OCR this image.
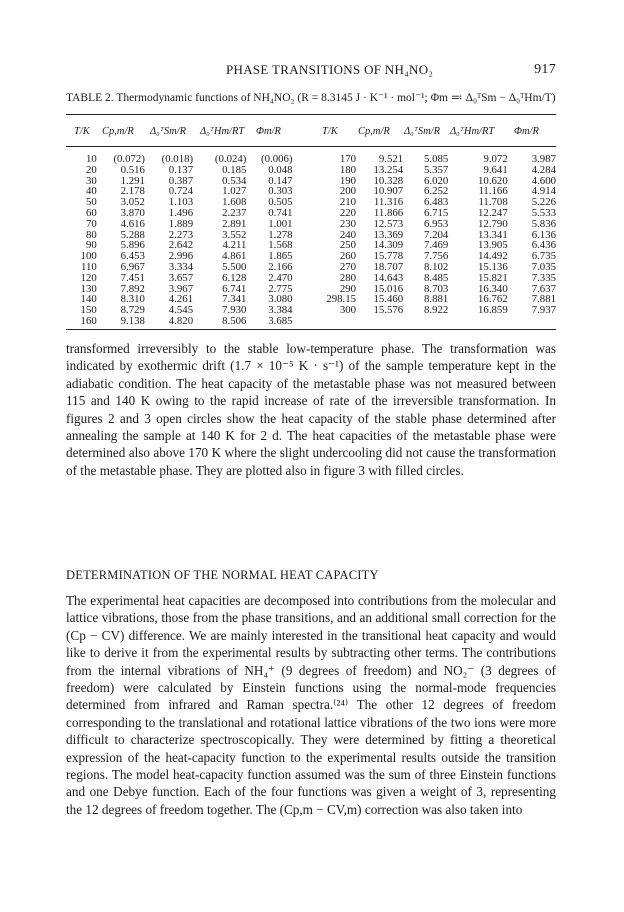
PHASE TRANSITIONS OF NH₄NO₂	917
TABLE 2. Thermodynamic functions of NH₄NO₂ (R = 8.3145 J · K⁻¹ · mol⁻¹; Φm ≕ Δ₀ᵀSm − Δ₀ᵀHm/T)
T/K Cp,m/R Δ₀ᵀSm/R Δ₀ᵀHm/RT Φm/R	T/K Cp,m/R Δ₀ᵀSm/R Δ₀ᵀHm/RT Φm/R
10	(0.072)	(0.018)	(0.024)	(0.006)		170	9.521	5.085	9.072	3.987
20	0.516	0.137	0.185	0.048		180	13.254	5.357	9.641	4.284
30	1.291	0.387	0.534	0.147		190	10.328	6.020	10.620	4.600
40	2.178	0.724	1.027	0.303		200	10.907	6.252	11.166	4.914
50	3.052	1.103	1.608	0.505		210	11.316	6.483	11.708	5.226
60	3.870	1.496	2.237	0.741		220	11.866	6.715	12.247	5.533
70	4.616	1.889	2.891	1.001		230	12.573	6.953	12.790	5.836
80	5.288	2.273	3.552	1.278		240	13.369	7.204	13.341	6.136
90	5.896	2.642	4.211	1.568		250	14.309	7.469	13.905	6.436
100	6.453	2.996	4.861	1.865		260	15.778	7.756	14.492	6.735
110	6.967	3.334	5.500	2.166		270	18.707	8.102	15.136	7.035
120	7.451	3.657	6.128	2.470		280	14.643	8.485	15.821	7.335
130	7.892	3.967	6.741	2.775		290	15.016	8.703	16.340	7.637
140	8.310	4.261	7.341	3.080		298.15	15.460	8.881	16.762	7.881
150	8.729	4.545	7.930	3.384		300	15.576	8.922	16.859	7.937
160	9.138	4.820	8.506	3.685						
transformed irreversibly to the stable low-temperature phase. The transformation was indicated by exothermic drift (1.7 × 10⁻⁵ K · s⁻¹) of the sample temperature kept in the adiabatic condition. The heat capacity of the metastable phase was not measured between 115 and 140 K owing to the rapid increase of rate of the irreversible transformation. In figures 2 and 3 open circles show the heat capacity of the stable phase determined after annealing the sample at 140 K for 2 d. The heat capacities of the metastable phase were determined also above 170 K where the slight undercooling did not cause the transformation of the metastable phase. They are plotted also in figure 3 with filled circles.
DETERMINATION OF THE NORMAL HEAT CAPACITY
The experimental heat capacities are decomposed into contributions from the molecular and lattice vibrations, those from the phase transitions, and an additional small correction for the (Cp − CV) difference. We are mainly interested in the transitional heat capacity and would like to derive it from the experimental results by subtracting other terms. The contributions from the internal vibrations of NH₄⁺ (9 degrees of freedom) and NO₂⁻ (3 degrees of freedom) were calculated by Einstein functions using the normal-mode frequencies determined from infrared and Raman spectra.⁽²⁴⁾ The other 12 degrees of freedom corresponding to the translational and rotational lattice vibrations of the two ions were more difficult to characterize spectroscopically. They were determined by fitting a theoretical expression of the heat-capacity function to the experimental results outside the transition regions. The model heat-capacity function assumed was the sum of three Einstein functions and one Debye function. Each of the four functions was given a weight of 3, representing the 12 degrees of freedom together. The (Cp,m − CV,m) correction was also taken into
